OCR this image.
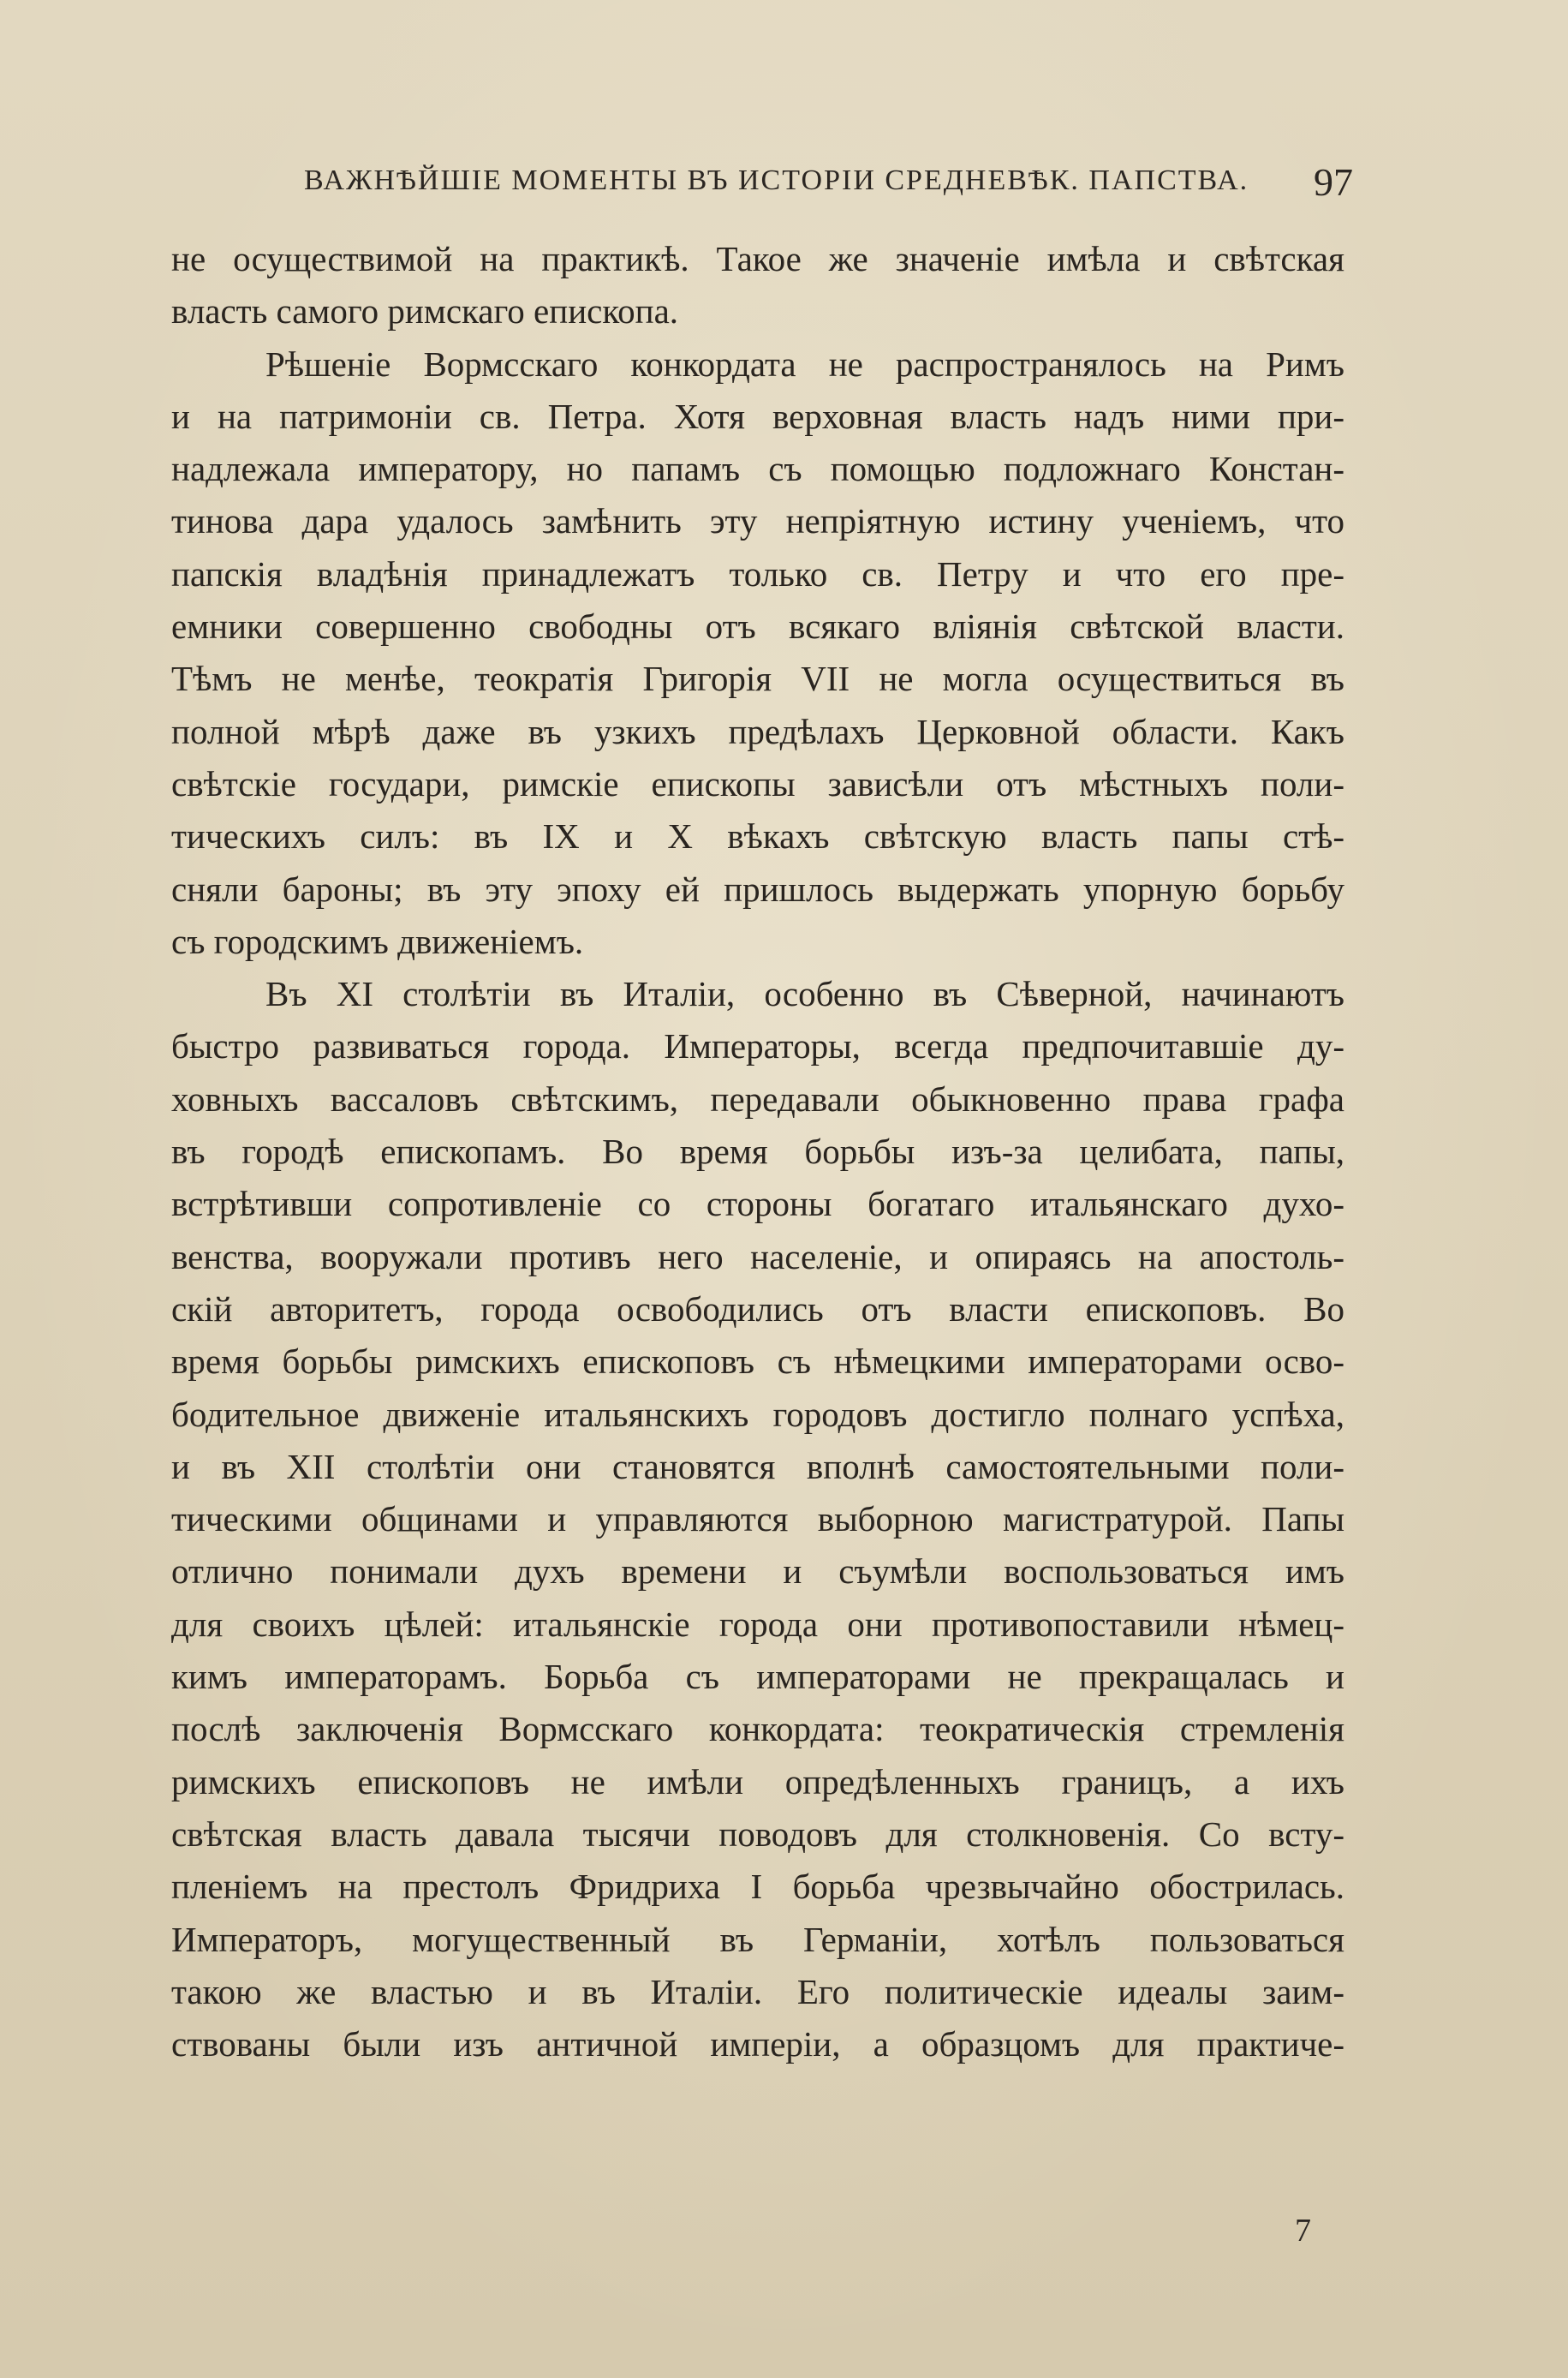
ВАЖНѢЙШІЕ МОМЕНТЫ ВЪ ИСТОРІИ СРЕДНЕВѢК. ПАПСТВА. 97
не осуществимой на практикѣ. Такое же значеніе имѣла и свѣтская
власть самого римскаго епископа.
Рѣшеніе Вормсскаго конкордата не распространялось на Римъ
и на патримоніи св. Петра. Хотя верховная власть надъ ними при-
надлежала императору, но папамъ съ помощью подложнаго Констан-
тинова дара удалось замѣнить эту непріятную истину ученіемъ, что
папскія владѣнія принадлежатъ только св. Петру и что его пре-
емники совершенно свободны отъ всякаго вліянія свѣтской власти.
Тѣмъ не менѣе, теократія Григорія VII не могла осуществиться въ
полной мѣрѣ даже въ узкихъ предѣлахъ Церковной области. Какъ
свѣтскіе государи, римскіе епископы зависѣли отъ мѣстныхъ поли-
тическихъ силъ: въ IX и X вѣкахъ свѣтскую власть папы стѣ-
сняли бароны; въ эту эпоху ей пришлось выдержать упорную борьбу
съ городскимъ движеніемъ.
Въ XI столѣтіи въ Италіи, особенно въ Сѣверной, начинаютъ
быстро развиваться города. Императоры, всегда предпочитавшіе ду-
ховныхъ вассаловъ свѣтскимъ, передавали обыкновенно права графа
въ городѣ епископамъ. Во время борьбы изъ-за целибата, папы,
встрѣтивши сопротивленіе со стороны богатаго итальянскаго духо-
венства, вооружали противъ него населеніе, и опираясь на апостоль-
скій авторитетъ, города освободились отъ власти епископовъ. Во
время борьбы римскихъ епископовъ съ нѣмецкими императорами осво-
бодительное движеніе итальянскихъ городовъ достигло полнаго успѣха,
и въ XII столѣтіи они становятся вполнѣ самостоятельными поли-
тическими общинами и управляются выборною магистратурой. Папы
отлично понимали духъ времени и съумѣли воспользоваться имъ
для своихъ цѣлей: итальянскіе города они противопоставили нѣмец-
кимъ императорамъ. Борьба съ императорами не прекращалась и
послѣ заключенія Вормсскаго конкордата: теократическія стремленія
римскихъ епископовъ не имѣли опредѣленныхъ границъ, а ихъ
свѣтская власть давала тысячи поводовъ для столкновенія. Со всту-
пленіемъ на престолъ Фридриха I борьба чрезвычайно обострилась.
Императоръ, могущественный въ Германіи, хотѣлъ пользоваться
такою же властью и въ Италіи. Его политическіе идеалы заим-
ствованы были изъ античной имперіи, а образцомъ для практиче-
7
